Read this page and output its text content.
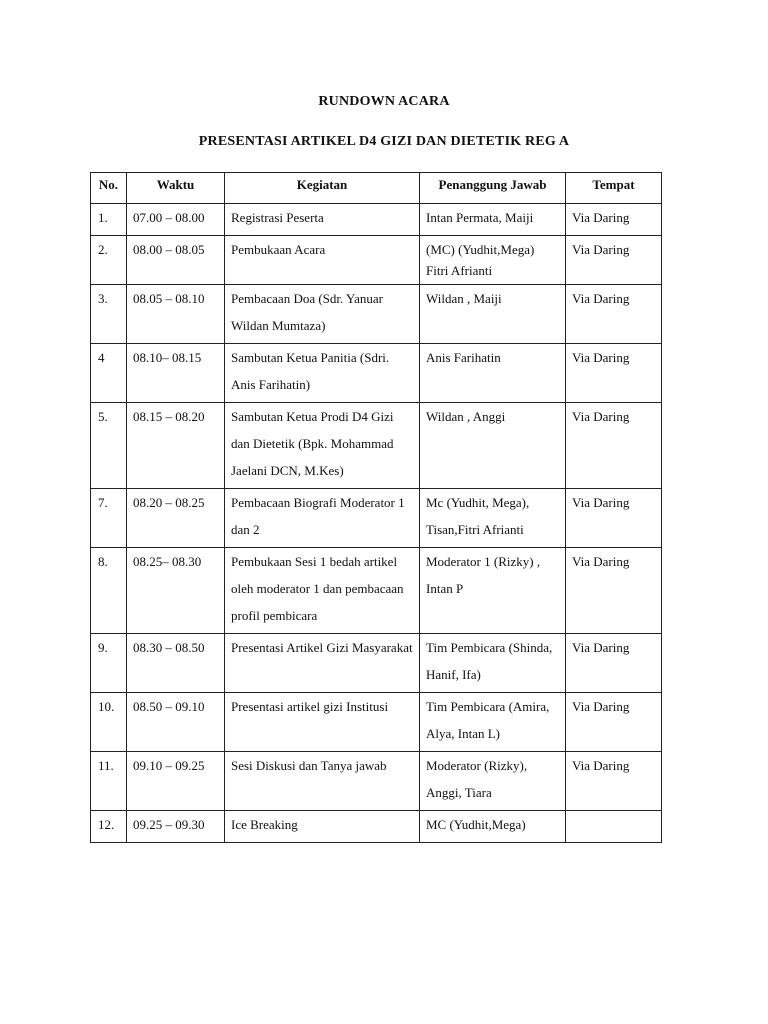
RUNDOWN ACARA
PRESENTASI ARTIKEL D4 GIZI DAN DIETETIK REG A
No.	Waktu	Kegiatan	Penanggung Jawab	Tempat
1.	07.00 – 08.00	Registrasi Peserta	Intan Permata, Maiji	Via Daring
2.	08.00 – 08.05	Pembukaan Acara	(MC) (Yudhit,Mega) Fitri Afrianti	Via Daring
3.	08.05 – 08.10	Pembacaan Doa (Sdr. Yanuar Wildan Mumtaza)	Wildan , Maiji	Via Daring
4	08.10– 08.15	Sambutan Ketua Panitia (Sdri. Anis Farihatin)	Anis Farihatin	Via Daring
5.	08.15 – 08.20	Sambutan Ketua Prodi D4 Gizi dan Dietetik (Bpk. Mohammad Jaelani DCN, M.Kes)	Wildan , Anggi	Via Daring
7.	08.20 – 08.25	Pembacaan Biografi Moderator 1 dan 2	Mc (Yudhit, Mega), Tisan,Fitri Afrianti	Via Daring
8.	08.25– 08.30	Pembukaan Sesi 1 bedah artikel oleh moderator 1 dan pembacaan profil pembicara	Moderator 1 (Rizky) , Intan P	Via Daring
9.	08.30 – 08.50	Presentasi Artikel Gizi Masyarakat	Tim Pembicara (Shinda, Hanif, Ifa)	Via Daring
10.	08.50 – 09.10	Presentasi artikel gizi Institusi	Tim Pembicara (Amira, Alya, Intan L)	Via Daring
11.	09.10 – 09.25	Sesi Diskusi dan Tanya jawab	Moderator (Rizky), Anggi, Tiara	Via Daring
12.	09.25 – 09.30	Ice Breaking	MC (Yudhit,Mega)	
